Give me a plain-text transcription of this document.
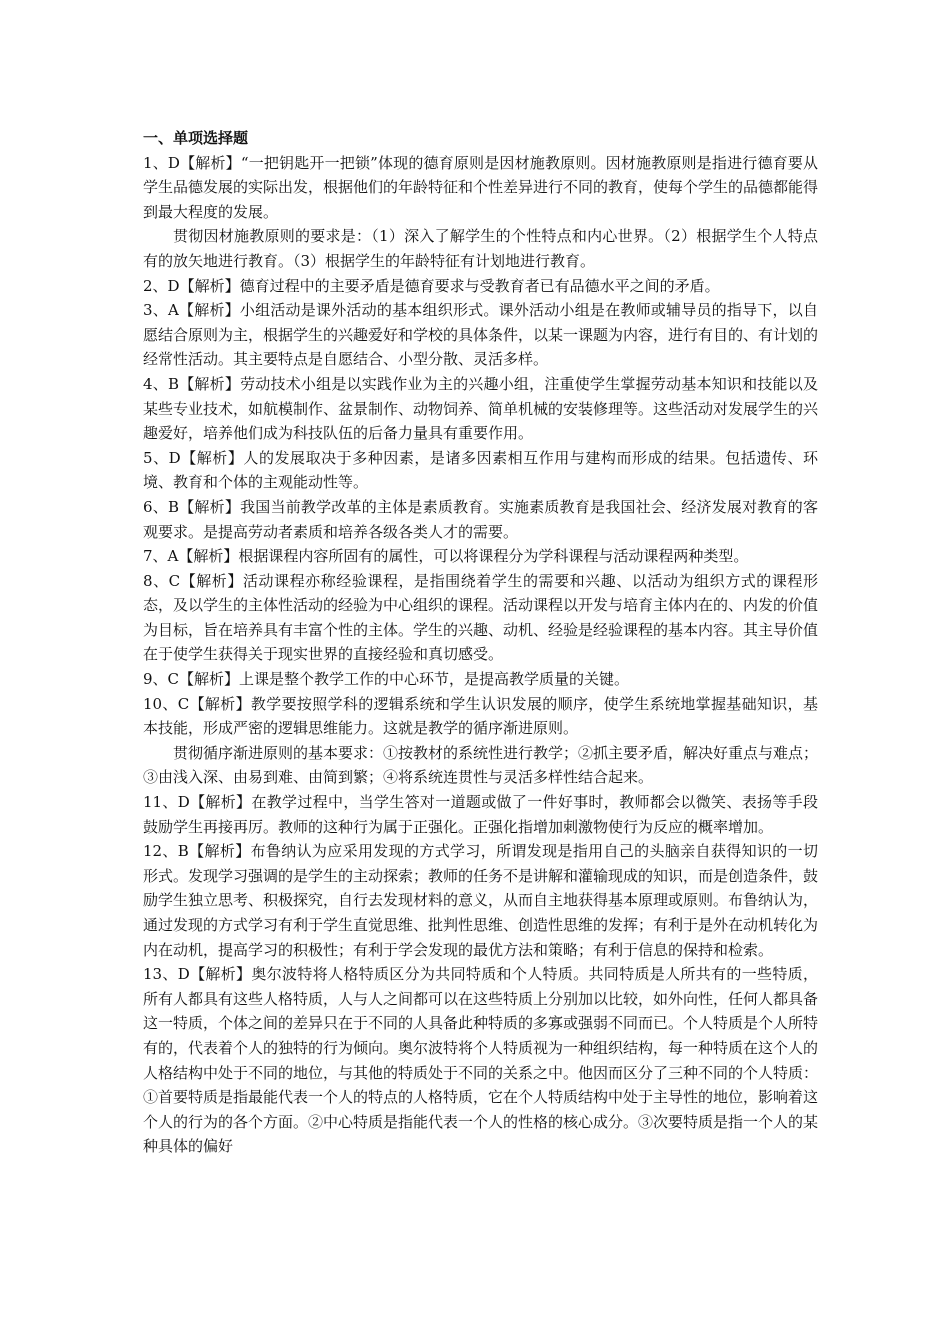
一、单项选择题

1、D【解析】“一把钥匙开一把锁”体现的德育原则是因材施教原则。因材施教原则是指进行德育要从学生品德发展的实际出发，根据他们的年龄特征和个性差异进行不同的教育，使每个学生的品德都能得到最大程度的发展。

贯彻因材施教原则的要求是：（1）深入了解学生的个性特点和内心世界。（2）根据学生个人特点有的放矢地进行教育。（3）根据学生的年龄特征有计划地进行教育。

2、D【解析】德育过程中的主要矛盾是德育要求与受教育者已有品德水平之间的矛盾。

3、A【解析】小组活动是课外活动的基本组织形式。课外活动小组是在教师或辅导员的指导下，以自愿结合原则为主，根据学生的兴趣爱好和学校的具体条件，以某一课题为内容，进行有目的、有计划的经常性活动。其主要特点是自愿结合、小型分散、灵活多样。

4、B【解析】劳动技术小组是以实践作业为主的兴趣小组，注重使学生掌握劳动基本知识和技能以及某些专业技术，如航模制作、盆景制作、动物饲养、简单机械的安装修理等。这些活动对发展学生的兴趣爱好，培养他们成为科技队伍的后备力量具有重要作用。

5、D【解析】人的发展取决于多种因素，是诸多因素相互作用与建构而形成的结果。包括遗传、环境、教育和个体的主观能动性等。

6、B【解析】我国当前教学改革的主体是素质教育。实施素质教育是我国社会、经济发展对教育的客观要求。是提高劳动者素质和培养各级各类人才的需要。

7、A【解析】根据课程内容所固有的属性，可以将课程分为学科课程与活动课程两种类型。

8、C【解析】活动课程亦称经验课程，是指围绕着学生的需要和兴趣、以活动为组织方式的课程形态，及以学生的主体性活动的经验为中心组织的课程。活动课程以开发与培育主体内在的、内发的价值为目标，旨在培养具有丰富个性的主体。学生的兴趣、动机、经验是经验课程的基本内容。其主导价值在于使学生获得关于现实世界的直接经验和真切感受。

9、C【解析】上课是整个教学工作的中心环节，是提高教学质量的关键。

10、C【解析】教学要按照学科的逻辑系统和学生认识发展的顺序，使学生系统地掌握基础知识，基本技能，形成严密的逻辑思维能力。这就是教学的循序渐进原则。

贯彻循序渐进原则的基本要求：①按教材的系统性进行教学；②抓主要矛盾，解决好重点与难点；③由浅入深、由易到难、由简到繁；④将系统连贯性与灵活多样性结合起来。

11、D【解析】在教学过程中，当学生答对一道题或做了一件好事时，教师都会以微笑、表扬等手段鼓励学生再接再厉。教师的这种行为属于正强化。正强化指增加刺激物使行为反应的概率增加。

12、B【解析】布鲁纳认为应采用发现的方式学习，所谓发现是指用自己的头脑亲自获得知识的一切形式。发现学习强调的是学生的主动探索；教师的任务不是讲解和灌输现成的知识，而是创造条件，鼓励学生独立思考、积极探究，自行去发现材料的意义，从而自主地获得基本原理或原则。布鲁纳认为，通过发现的方式学习有利于学生直觉思维、批判性思维、创造性思维的发挥；有利于是外在动机转化为内在动机，提高学习的积极性；有利于学会发现的最优方法和策略；有利于信息的保持和检索。

13、D【解析】奥尔波特将人格特质区分为共同特质和个人特质。共同特质是人所共有的一些特质，所有人都具有这些人格特质，人与人之间都可以在这些特质上分别加以比较，如外向性，任何人都具备这一特质，个体之间的差异只在于不同的人具备此种特质的多寡或强弱不同而已。个人特质是个人所特有的，代表着个人的独特的行为倾向。奥尔波特将个人特质视为一种组织结构，每一种特质在这个人的人格结构中处于不同的地位，与其他的特质处于不同的关系之中。他因而区分了三种不同的个人特质：①首要特质是指最能代表一个人的特点的人格特质，它在个人特质结构中处于主导性的地位，影响着这个人的行为的各个方面。②中心特质是指能代表一个人的性格的核心成分。③次要特质是指一个人的某种具体的偏好
